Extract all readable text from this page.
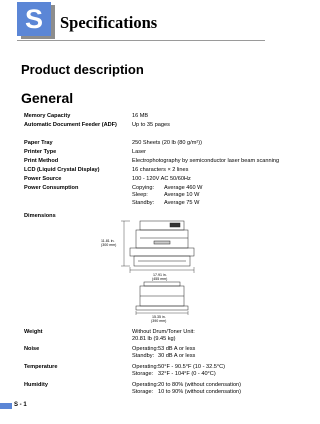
S	Specifications
Product description
General
Memory Capacity	16 MB
Automatic Document Feeder (ADF)	Up to 35 pages
Paper Tray	250 Sheets (20 lb (80 g/m²))
Printer Type	Laser
Print Method	Electrophotography by semiconductor laser beam scanning
LCD (Liquid Crystal Display)	16 characters × 2 lines
Power Source	100 - 120V AC 50/60Hz
Power Consumption	Copying: Average 460 W
Sleep:	Average 10 W
Standby: Average 75 W
Dimensions
11.81 in.
(300 mm)
17.91 in.
(455 mm)
15.35 in.
(390 mm)
Weight	Without Drum/Toner Unit:
20.81 lb (9.45 kg)
Noise	Operating:53 dB A or less
Standby: 30 dB A or less
Temperature	Operating:50°F - 90.5°F (10 - 32.5°C)
Storage: 32°F - 104°F (0 - 40°C)
Humidity	Operating:20 to 80% (without condensation)
Storage: 10 to 90% (without condensation)
S - 1
